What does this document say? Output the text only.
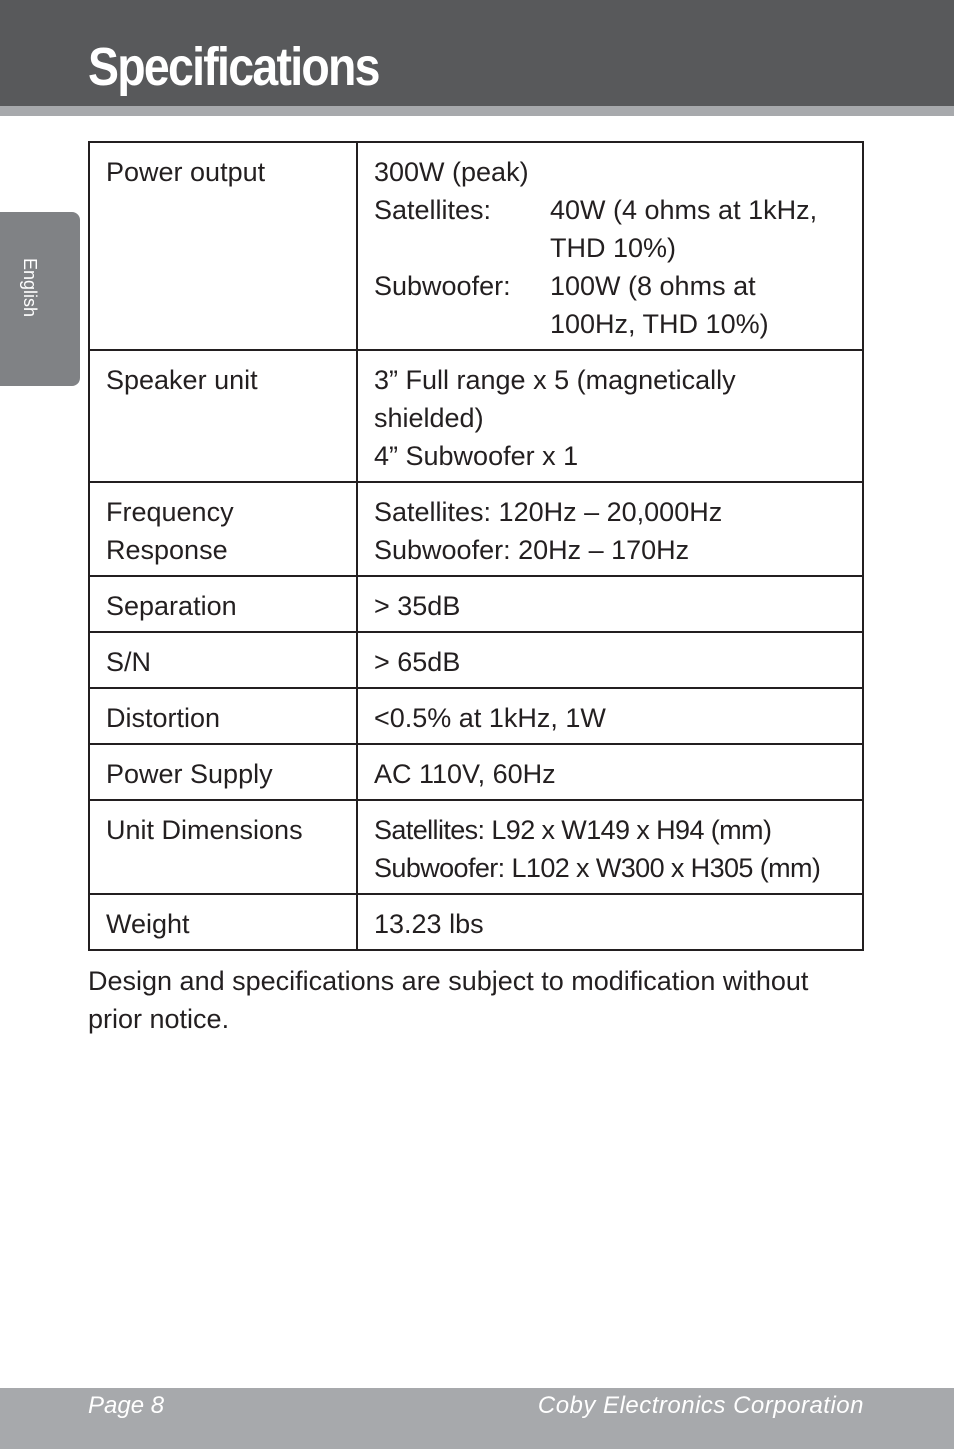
Specifications
English
Power output	300W (peak)
Satellites: 40W (4 ohms at 1kHz, THD 10%)
Subwoofer: 100W (8 ohms at 100Hz, THD 10%)

Speaker unit	3” Full range x 5 (magnetically shielded)
4” Subwoofer x 1

Frequency Response	Satellites: 120Hz – 20,000Hz
Subwoofer: 20Hz – 170Hz

Separation	> 35dB
S/N	> 65dB
Distortion	<0.5% at 1kHz, 1W
Power Supply	AC 110V, 60Hz
Unit Dimensions	Satellites: L92 x W149 x H94 (mm)
Subwoofer: L102 x W300 x H305 (mm)

Weight	13.23 lbs
Design and specifications are subject to modification without prior notice.
Page 8	Coby Electronics Corporation
